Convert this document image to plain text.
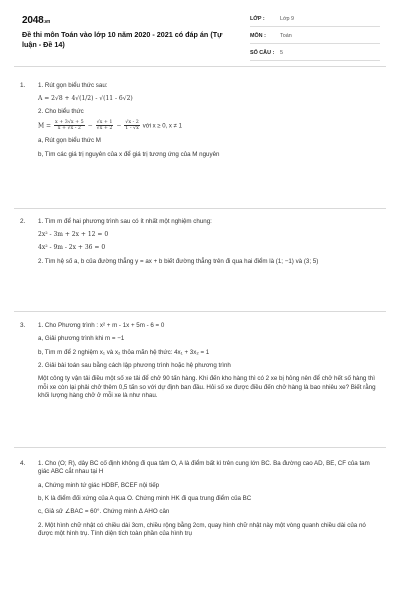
2048.vn
Đề thi môn Toán vào lớp 10 năm 2020 - 2021 có đáp án (Tự luận - Đề 14)
LỚP :	Lớp 9
MÔN :	Toán
SỐ CÂU :	5
1. 1. Rút gọn biểu thức sau:
A = 2√8 + 4√(1/2) - √(11 - 6√2)
2. Cho biểu thức
$M = \frac{x + 3√x + 5}{x + √x - 2} - \frac{√x + 1}{√x + 2} - \frac{√x - 2}{1 - √x}$ với x ≥ 0, x ≠ 1
a, Rút gọn biểu thức M
b, Tìm các giá trị nguyên của x để giá trị tương ứng của M nguyên
2. 1. Tìm m để hai phương trình sau có ít nhất một nghiệm chung:
2x² - 3m + 2x + 12 = 0
4x² - 9m - 2x + 36 = 0
2. Tìm hệ số a, b của đường thẳng y = ax + b biết đường thẳng trên đi qua hai điểm là (1; −1) và (3; 5)
3. 1. Cho Phương trình : x² + m - 1x + 5m - 6 = 0
a, Giải phương trình khi m = −1
b, Tìm m để 2 nghiệm x₁ và x₂ thỏa mãn hệ thức: 4x₁ + 3x₂ = 1
2. Giải bài toán sau bằng cách lập phương trình hoặc hệ phương trình
Một công ty vận tải điều một số xe tải để chở 90 tấn hàng. Khi đến kho hàng thì có 2 xe bị hỏng nên để chở hết số hàng thì mỗi xe còn lại phải chở thêm 0,5 tấn so với dự định ban đầu. Hỏi số xe được điều đến chở hàng là bao nhiêu xe? Biết rằng khối lượng hàng chở ở mỗi xe là như nhau.
4. 1. Cho (O; R), dây BC cố định không đi qua tâm O, A là điểm bất kì trên cung lớn BC. Ba đường cao AD, BE, CF của tam giác ABC cắt nhau tại H
a, Chứng minh tứ giác HDBF, BCEF nội tiếp
b, K là điểm đối xứng của A qua O. Chứng minh HK đi qua trung điểm của BC
c, Giả sử ∠BAC = 60°. Chứng minh Δ AHO cân
2. Một hình chữ nhật có chiều dài 3cm, chiều rộng bằng 2cm, quay hình chữ nhật này một vòng quanh chiều dài của nó được một hình trụ. Tính diện tích toàn phần của hình trụ
